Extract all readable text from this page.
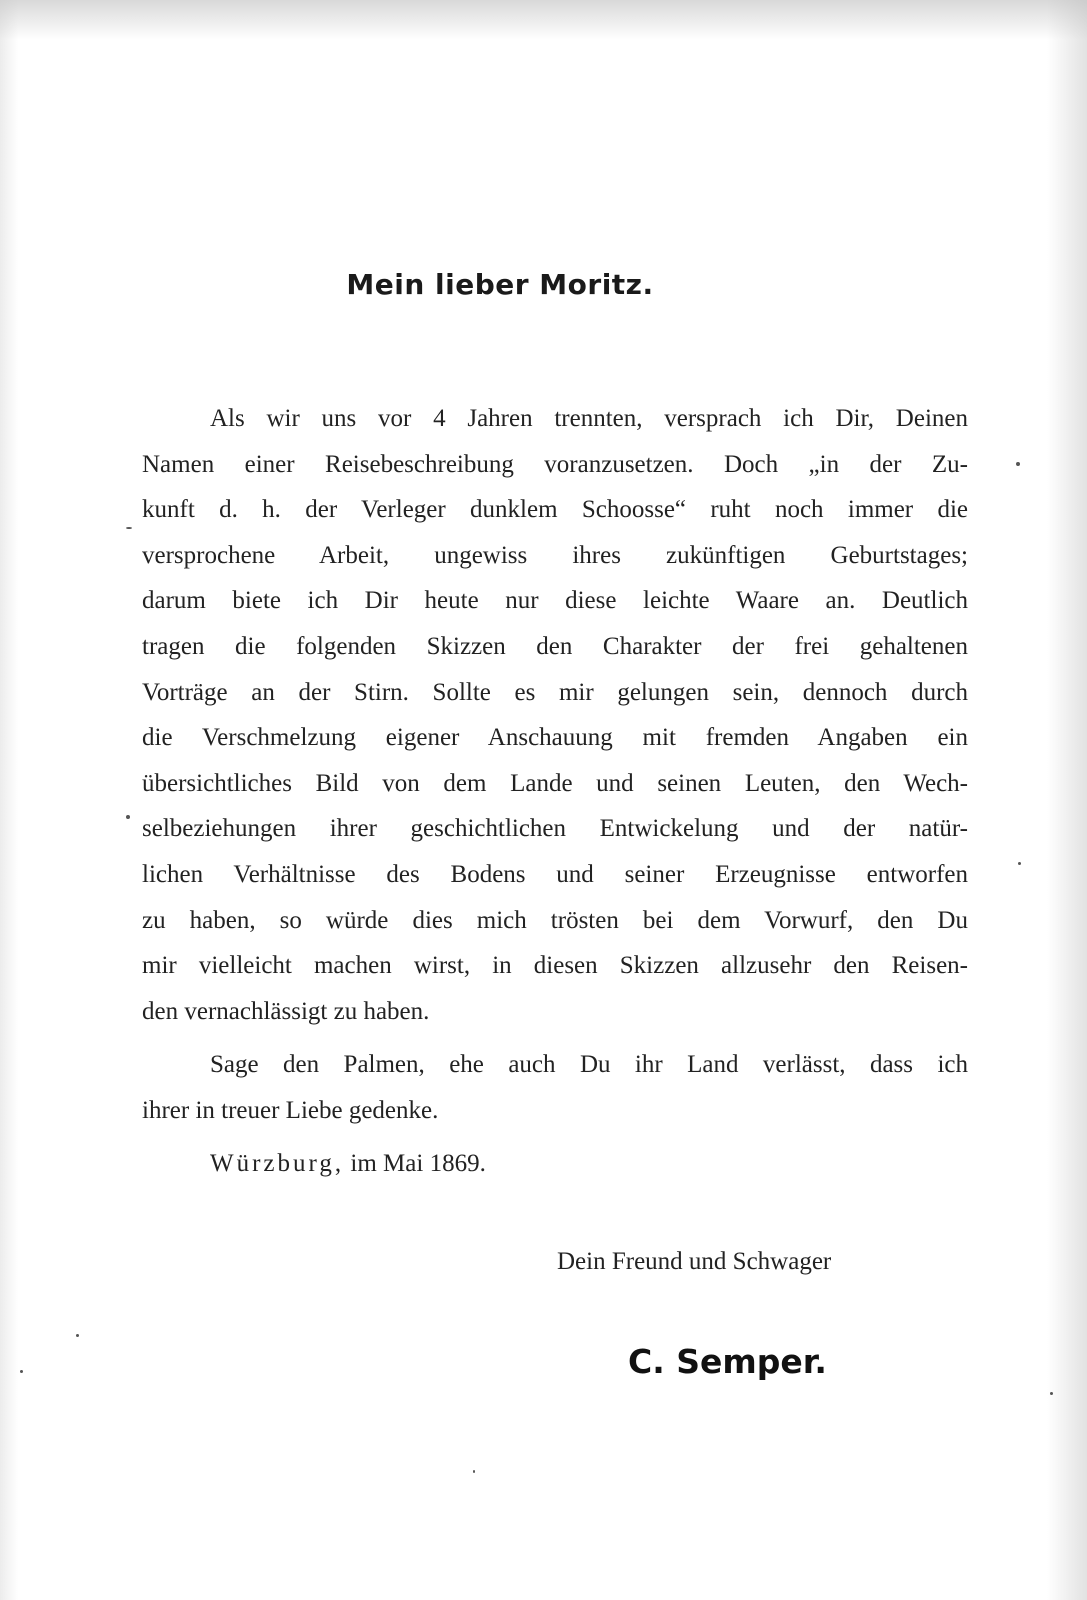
Mein lieber Moritz.
Als wir uns vor 4 Jahren trennten, versprach ich Dir, Deinen
Namen einer Reisebeschreibung voranzusetzen. Doch „in der Zu-
kunft d. h. der Verleger dunklem Schoosse“ ruht noch immer die
versprochene Arbeit, ungewiss ihres zukünftigen Geburtstages;
darum biete ich Dir heute nur diese leichte Waare an. Deutlich
tragen die folgenden Skizzen den Charakter der frei gehaltenen
Vorträge an der Stirn. Sollte es mir gelungen sein, dennoch durch
die Verschmelzung eigener Anschauung mit fremden Angaben ein
übersichtliches Bild von dem Lande und seinen Leuten, den Wech-
selbeziehungen ihrer geschichtlichen Entwickelung und der natür-
lichen Verhältnisse des Bodens und seiner Erzeugnisse entworfen
zu haben, so würde dies mich trösten bei dem Vorwurf, den Du
mir vielleicht machen wirst, in diesen Skizzen allzusehr den Reisen-
den vernachlässigt zu haben.
Sage den Palmen, ehe auch Du ihr Land verlässt, dass ich
ihrer in treuer Liebe gedenke.
Würzburg, im Mai 1869.
Dein Freund und Schwager
C. Semper.
